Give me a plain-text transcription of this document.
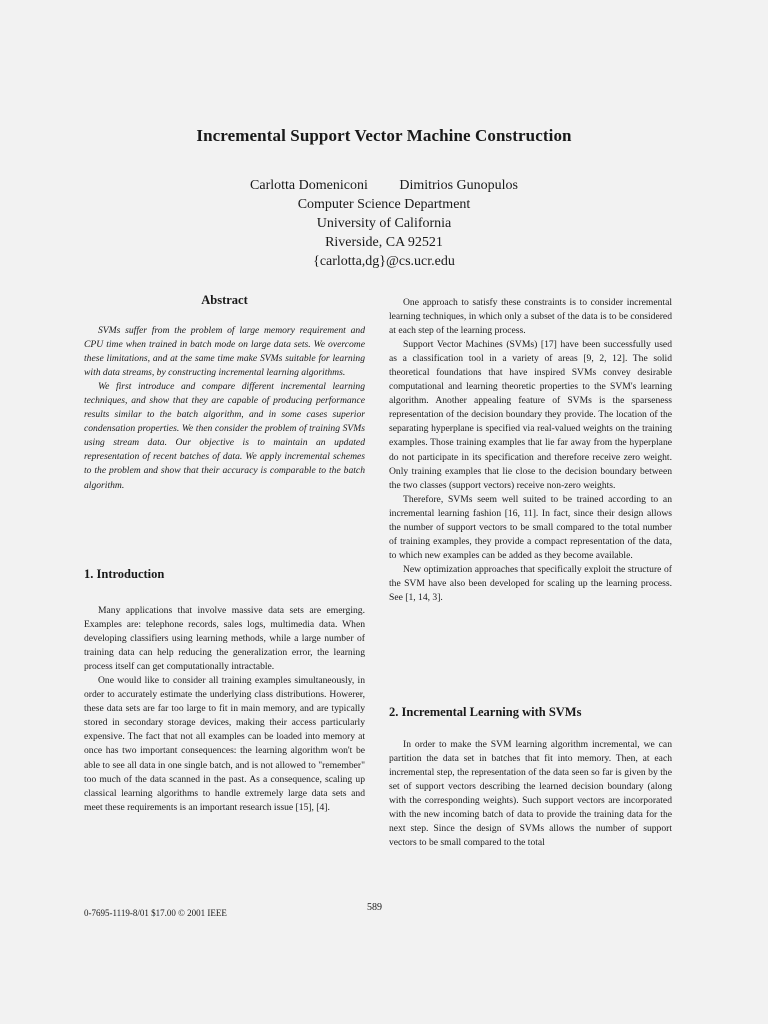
Incremental Support Vector Machine Construction
Carlotta Domeniconi Dimitrios Gunopulos
Computer Science Department
University of California
Riverside, CA 92521
{carlotta,dg}@cs.ucr.edu
Abstract

SVMs suffer from the problem of large memory requirement and CPU time when trained in batch mode on large data sets. We overcome these limitations, and at the same time make SVMs suitable for learning with data streams, by constructing incremental learning algorithms.

We first introduce and compare different incremental learning techniques, and show that they are capable of producing performance results similar to the batch algorithm, and in some cases superior condensation properties. We then consider the problem of training SVMs using stream data. Our objective is to maintain an updated representation of recent batches of data. We apply incremental schemes to the problem and show that their accuracy is comparable to the batch algorithm.

1. Introduction

Many applications that involve massive data sets are emerging. Examples are: telephone records, sales logs, multimedia data. When developing classifiers using learning methods, while a large number of training data can help reducing the generalization error, the learning process itself can get computationally intractable.

One would like to consider all training examples simultaneously, in order to accurately estimate the underlying class distributions. Howerer, these data sets are far too large to fit in main memory, and are typically stored in secondary storage devices, making their access particularly expensive. The fact that not all examples can be loaded into memory at once has two important consequences: the learning algorithm won't be able to see all data in one single batch, and is not allowed to "remember" too much of the data scanned in the past. As a consequence, scaling up classical learning algorithms to handle extremely large data sets and meet these requirements is an important research issue [15], [4].

One approach to satisfy these constraints is to consider incremental learning techniques, in which only a subset of the data is to be considered at each step of the learning process.

Support Vector Machines (SVMs) [17] have been successfully used as a classification tool in a variety of areas [9, 2, 12]. The solid theoretical foundations that have inspired SVMs convey desirable computational and learning theoretic properties to the SVM's learning algorithm. Another appealing feature of SVMs is the sparseness representation of the decision boundary they provide. The location of the separating hyperplane is specified via real-valued weights on the training examples. Those training examples that lie far away from the hyperplane do not participate in its specification and therefore receive zero weight. Only training examples that lie close to the decision boundary between the two classes (support vectors) receive non-zero weights.

Therefore, SVMs seem well suited to be trained according to an incremental learning fashion [16, 11]. In fact, since their design allows the number of support vectors to be small compared to the total number of training examples, they provide a compact representation of the data, to which new examples can be added as they become available.

New optimization approaches that specifically exploit the structure of the SVM have also been developed for scaling up the learning process. See [1, 14, 3].

2. Incremental Learning with SVMs

In order to make the SVM learning algorithm incremental, we can partition the data set in batches that fit into memory. Then, at each incremental step, the representation of the data seen so far is given by the set of support vectors describing the learned decision boundary (along with the corresponding weights). Such support vectors are incorporated with the new incoming batch of data to provide the training data for the next step. Since the design of SVMs allows the number of support vectors to be small compared to the total

0-7695-1119-8/01 $17.00 © 2001 IEEE	589
